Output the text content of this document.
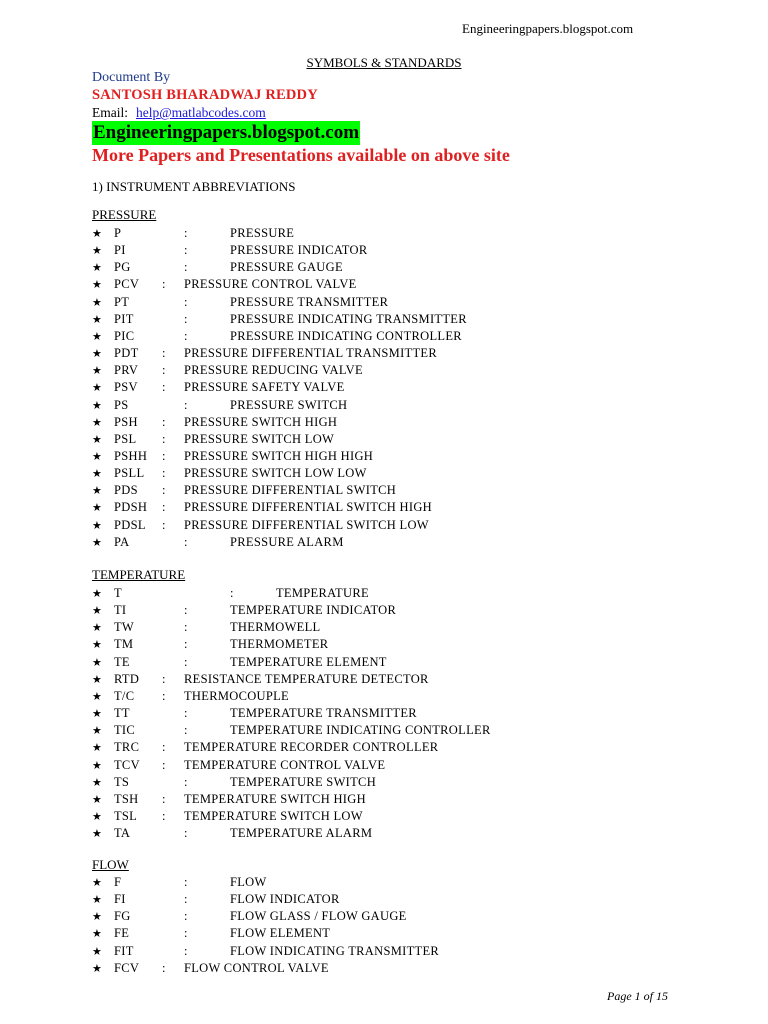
Engineeringpapers.blogspot.com
SYMBOLS & STANDARDS
Document By
SANTOSH BHARADWAJ REDDY
Email: help@matlabcodes.com
Engineeringpapers.blogspot.com
More Papers and Presentations available on above site
1) INSTRUMENT ABBREVIATIONS
PRESSURE
★ P	:	PRESSURE
★ PI	:	PRESSURE INDICATOR
★ PG	:	PRESSURE GAUGE
★ PCV : PRESSURE CONTROL VALVE
★ PT	:	PRESSURE TRANSMITTER
★ PIT	:	PRESSURE INDICATING TRANSMITTER
★ PIC	:	PRESSURE INDICATING CONTROLLER
★ PDT : PRESSURE DIFFERENTIAL TRANSMITTER
★ PRV : PRESSURE REDUCING VALVE
★ PSV : PRESSURE SAFETY VALVE
★ PS	:	PRESSURE SWITCH
★ PSH : PRESSURE SWITCH HIGH
★ PSL : PRESSURE SWITCH LOW
★ PSHH : PRESSURE SWITCH HIGH HIGH
★ PSLL : PRESSURE SWITCH LOW LOW
★ PDS : PRESSURE DIFFERENTIAL SWITCH
★ PDSH : PRESSURE DIFFERENTIAL SWITCH HIGH
★ PDSL : PRESSURE DIFFERENTIAL SWITCH LOW
★ PA	:	PRESSURE ALARM
TEMPERATURE
★ T	:	TEMPERATURE
★ TI	:	TEMPERATURE INDICATOR
★ TW	:	THERMOWELL
★ TM	:	THERMOMETER
★ TE	:	TEMPERATURE ELEMENT
★ RTD : RESISTANCE TEMPERATURE DETECTOR
★ T/C : THERMOCOUPLE
★ TT	:	TEMPERATURE TRANSMITTER
★ TIC	:	TEMPERATURE INDICATING CONTROLLER
★ TRC : TEMPERATURE RECORDER CONTROLLER
★ TCV : TEMPERATURE CONTROL VALVE
★ TS	:	TEMPERATURE SWITCH
★ TSH : TEMPERATURE SWITCH HIGH
★ TSL : TEMPERATURE SWITCH LOW
★ TA	:	TEMPERATURE ALARM
FLOW
★ F	:	FLOW
★ FI	:	FLOW INDICATOR
★ FG	:	FLOW GLASS / FLOW GAUGE
★ FE	:	FLOW ELEMENT
★ FIT	:	FLOW INDICATING TRANSMITTER
★ FCV : FLOW CONTROL VALVE
Page 1 of 15
